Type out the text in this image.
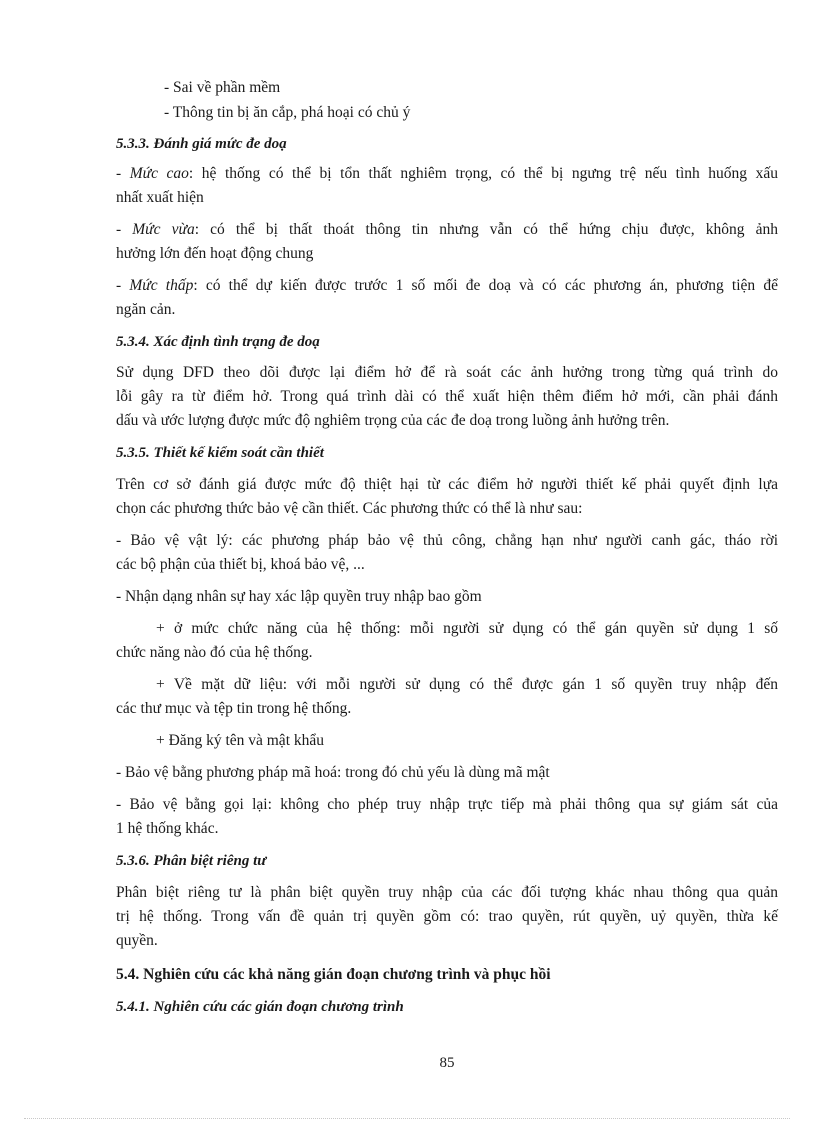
- Sai về phần mềm
- Thông tin bị ăn cắp, phá hoại có chủ ý
5.3.3. Đánh giá mức đe doạ
- Mức cao: hệ thống có thể bị tổn thất nghiêm trọng, có thể bị ngưng trệ nếu tình huống xấu
nhất xuất hiện
- Mức vừa: có thể bị thất thoát thông tin nhưng vẫn có thể hứng chịu được, không ảnh
hưởng lớn đến hoạt động chung
- Mức thấp: có thể dự kiến được trước 1 số mối đe doạ và có các phương án, phương tiện để
ngăn cản.
5.3.4. Xác định tình trạng đe doạ
Sử dụng DFD theo dõi được lại điểm hở để rà soát các ảnh hưởng trong từng quá trình do
lỗi gây ra từ điểm hở. Trong quá trình dài có thể xuất hiện thêm điểm hở mới, cần phải đánh
dấu và ước lượng được mức độ nghiêm trọng của các đe doạ trong luồng ảnh hưởng trên.
5.3.5. Thiết kế kiểm soát cần thiết
Trên cơ sở đánh giá được mức độ thiệt hại từ các điểm hở người thiết kế phải quyết định lựa
chọn các phương thức bảo vệ cần thiết. Các phương thức có thể là như sau:
- Bảo vệ vật lý: các phương pháp bảo vệ thủ công, chẳng hạn như người canh gác, tháo rời
các bộ phận của thiết bị, khoá bảo vệ, ...
- Nhận dạng nhân sự hay xác lập quyền truy nhập bao gồm
+ ở mức chức năng của hệ thống: mỗi người sử dụng có thể gán quyền sử dụng 1 số
chức năng nào đó của hệ thống.
+ Về mặt dữ liệu: với mỗi người sử dụng có thể được gán 1 số quyền truy nhập đến
các thư mục và tệp tin trong hệ thống.
+ Đăng ký tên và mật khẩu
- Bảo vệ bằng phương pháp mã hoá: trong đó chủ yếu là dùng mã mật
- Bảo vệ bằng gọi lại: không cho phép truy nhập trực tiếp mà phải thông qua sự giám sát của
1 hệ thống khác.
5.3.6. Phân biệt riêng tư
Phân biệt riêng tư là phân biệt quyền truy nhập của các đối tượng khác nhau thông qua quản
trị hệ thống. Trong vấn đề quản trị quyền gồm có: trao quyền, rút quyền, uỷ quyền, thừa kế
quyền.
5.4. Nghiên cứu các khả năng gián đoạn chương trình và phục hồi
5.4.1. Nghiên cứu các gián đoạn chương trình
85
